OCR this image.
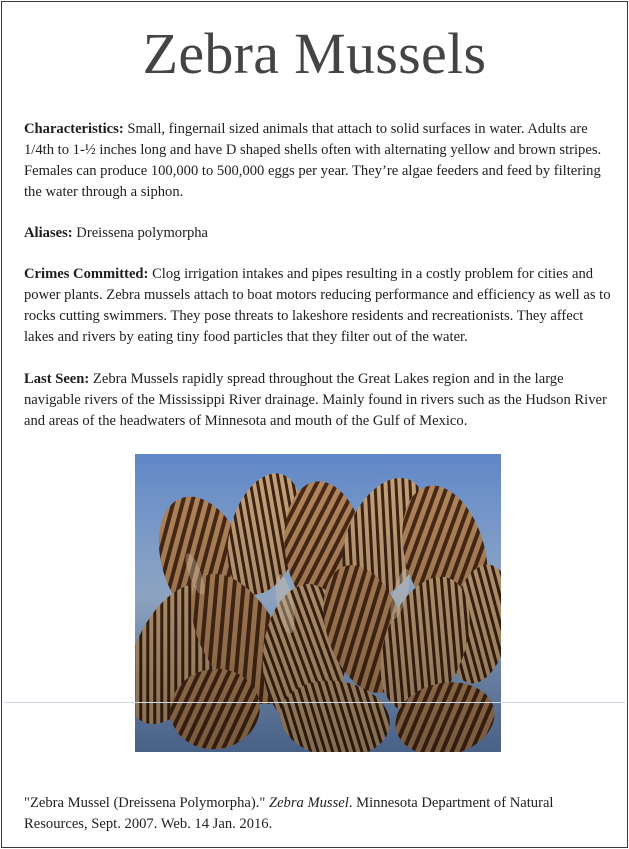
Zebra Mussels

Characteristics: Small, fingernail sized animals that attach to solid surfaces in water. Adults are 1/4th to 1-½ inches long and have D shaped shells often with alternating yellow and brown stripes. Females can produce 100,000 to 500,000 eggs per year. They’re algae feeders and feed by filtering the water through a siphon.

Aliases: Dreissena polymorpha

Crimes Committed: Clog irrigation intakes and pipes resulting in a costly problem for cities and power plants. Zebra mussels attach to boat motors reducing performance and efficiency as well as to rocks cutting swimmers. They pose threats to lakeshore residents and recreationists. They affect lakes and rivers by eating tiny food particles that they filter out of the water.

Last Seen: Zebra Mussels rapidly spread throughout the Great Lakes region and in the large navigable rivers of the Mississippi River drainage. Mainly found in rivers such as the Hudson River and areas of the headwaters of Minnesota and mouth of the Gulf of Mexico.

"Zebra Mussel (Dreissena Polymorpha)." Zebra Mussel. Minnesota Department of Natural Resources, Sept. 2007. Web. 14 Jan. 2016.
